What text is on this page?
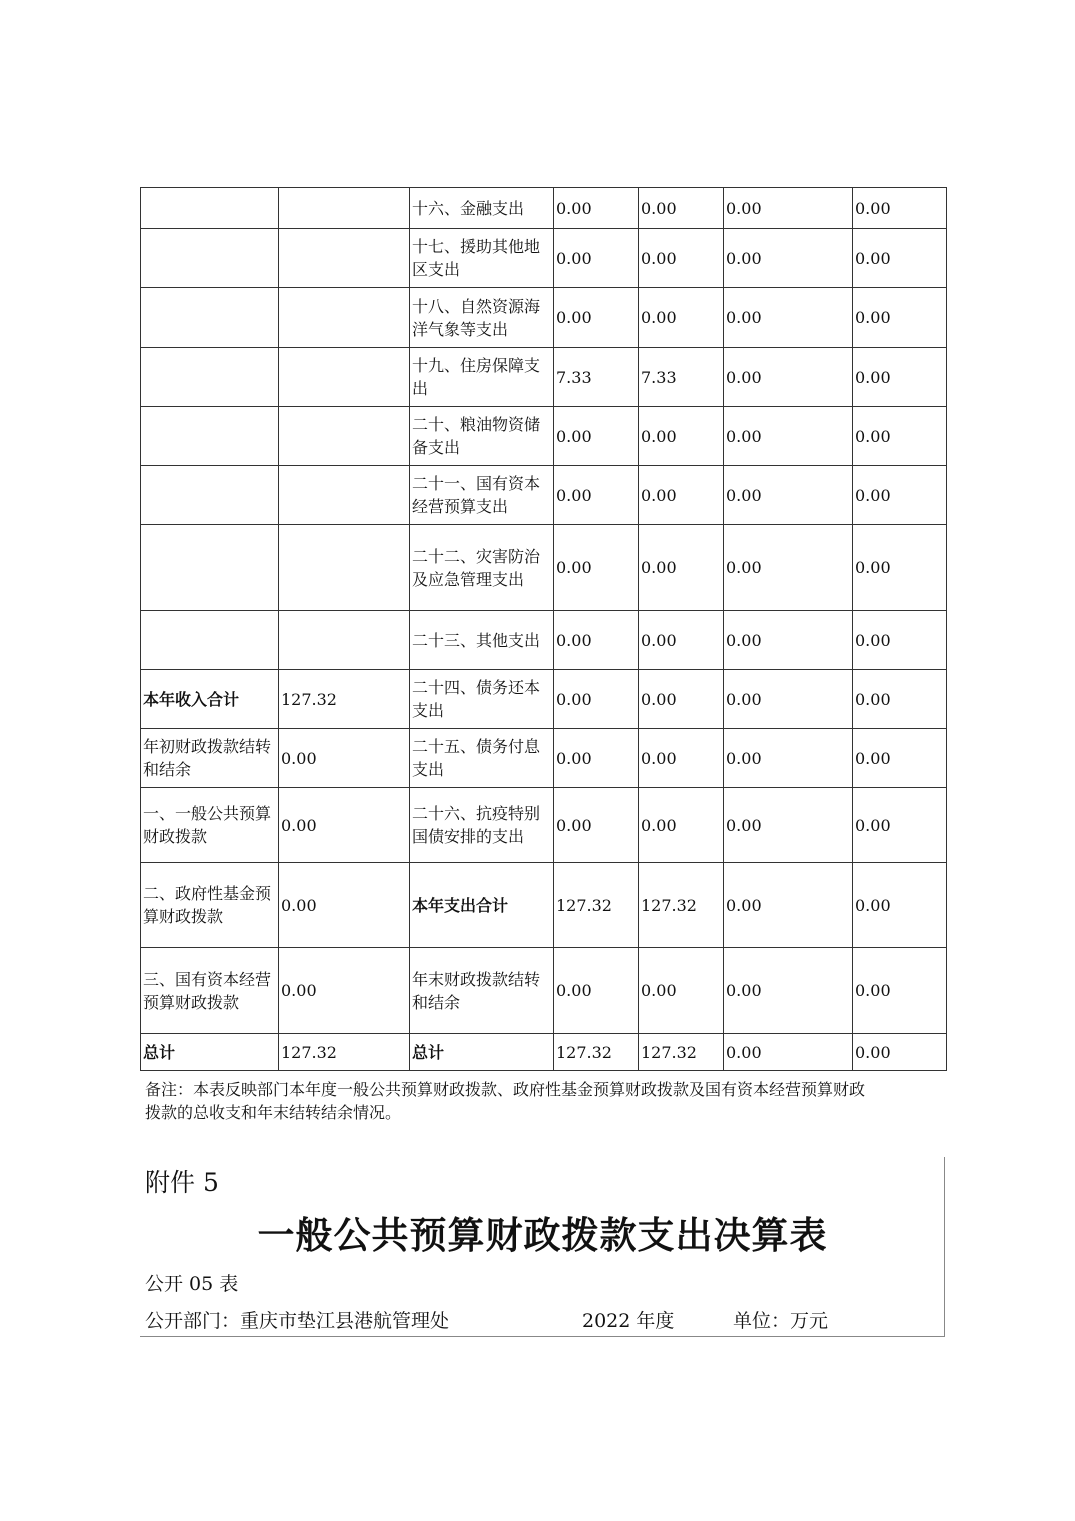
		十六、金融支出	0.00	0.00	0.00	0.00
		十七、援助其他地区支出	0.00	0.00	0.00	0.00
		十八、自然资源海洋气象等支出	0.00	0.00	0.00	0.00
		十九、住房保障支出	7.33	7.33	0.00	0.00
		二十、粮油物资储备支出	0.00	0.00	0.00	0.00
		二十一、国有资本经营预算支出	0.00	0.00	0.00	0.00
		二十二、灾害防治及应急管理支出	0.00	0.00	0.00	0.00
		二十三、其他支出	0.00	0.00	0.00	0.00
本年收入合计	127.32	二十四、债务还本支出	0.00	0.00	0.00	0.00
年初财政拨款结转和结余	0.00	二十五、债务付息支出	0.00	0.00	0.00	0.00
一、一般公共预算财政拨款	0.00	二十六、抗疫特别国债安排的支出	0.00	0.00	0.00	0.00
二、政府性基金预算财政拨款	0.00	本年支出合计	127.32	127.32	0.00	0.00
三、国有资本经营预算财政拨款	0.00	年末财政拨款结转和结余	0.00	0.00	0.00	0.00
总计	127.32	总计	127.32	127.32	0.00	0.00
备注：本表反映部门本年度一般公共预算财政拨款、政府性基金预算财政拨款及国有资本经营预算财政拨款的总收支和年末结转结余情况。
附件 5
一般公共预算财政拨款支出决算表
公开 05 表
公开部门：重庆市垫江县港航管理处	2022 年度	单位：万元
